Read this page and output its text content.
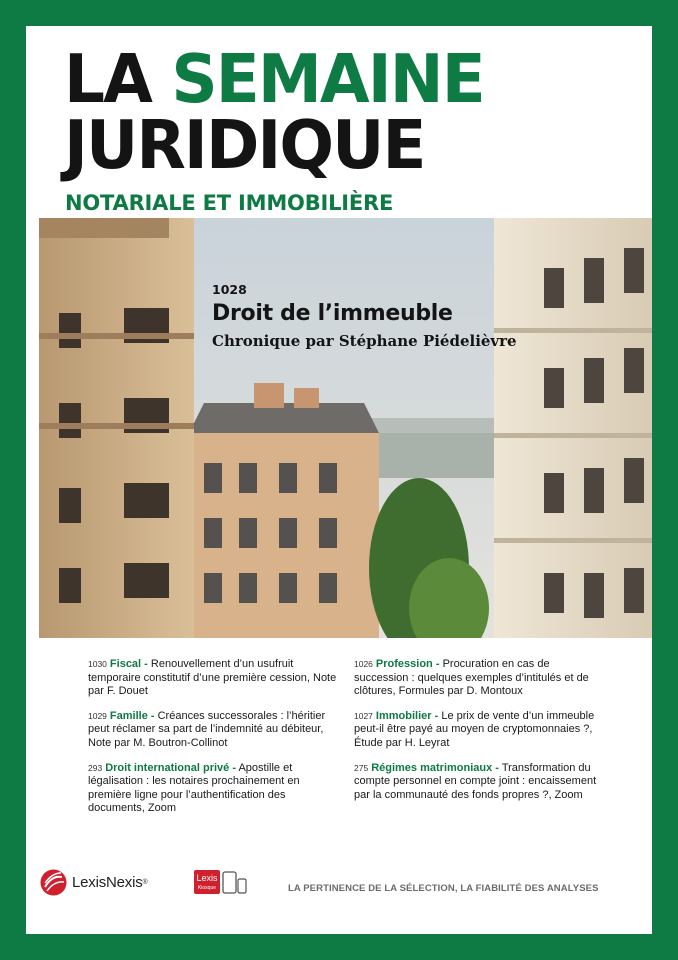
LA SEMAINE
JURIDIQUE
NOTARIALE ET IMMOBILIÈRE
1028
Droit de l’immeuble
Chronique par Stéphane Piédelièvre
1030 Fiscal - Renouvellement d’un usufruit temporaire constitutif d’une première cession, Note par F. Douet
1029 Famille - Créances successorales : l’héritier peut réclamer sa part de l’indemnité au débiteur, Note par M. Boutron-Collinot
293 Droit international privé - Apostille et légalisation : les notaires prochainement en première ligne pour l’authentification des documents, Zoom
1026 Profession - Procuration en cas de succession : quelques exemples d’intitulés et de clôtures, Formules par D. Montoux
1027 Immobilier - Le prix de vente d’un immeuble peut-il être payé au moyen de cryptomonnaies ?, Étude par H. Leyrat
275 Régimes matrimoniaux - Transformation du compte personnel en compte joint : encaissement par la communauté des fonds propres ?, Zoom
LexisNexis ®	Lexis
Kiosque	LA PERTINENCE DE LA SÉLECTION, LA FIABILITÉ DES ANALYSES
